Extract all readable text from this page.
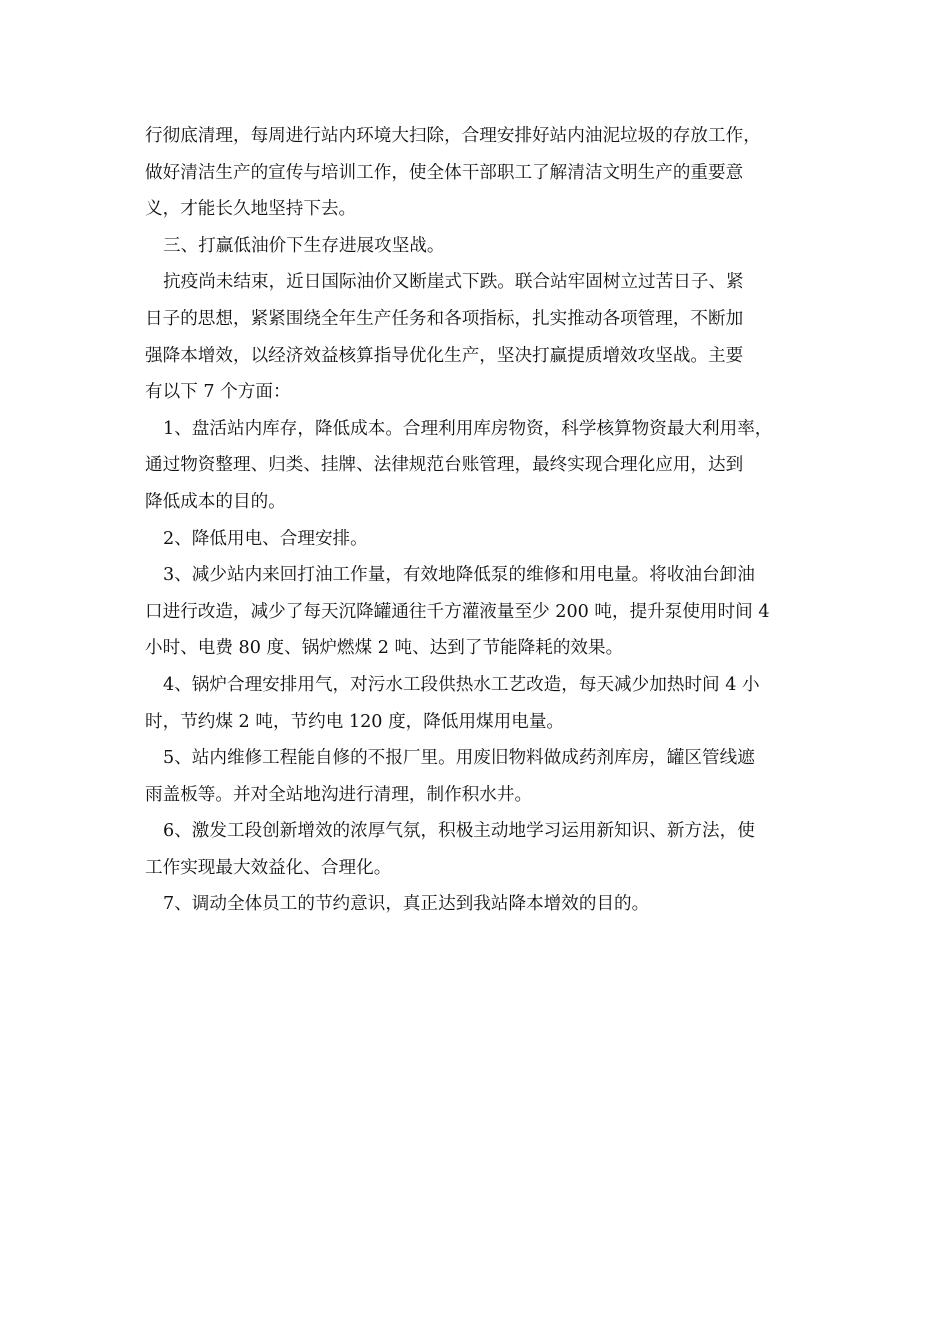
行彻底清理，每周进行站内环境大扫除，合理安排好站内油泥垃圾的存放工作，
做好清洁生产的宣传与培训工作，使全体干部职工了解清洁文明生产的重要意
义，才能长久地坚持下去。
三、打赢低油价下生存进展攻坚战。
抗疫尚未结束，近日国际油价又断崖式下跌。联合站牢固树立过苦日子、紧
日子的思想，紧紧围绕全年生产任务和各项指标，扎实推动各项管理，不断加
强降本增效，以经济效益核算指导优化生产，坚决打赢提质增效攻坚战。主要
有以下 7 个方面：
1、盘活站内库存，降低成本。合理利用库房物资，科学核算物资最大利用率，
通过物资整理、归类、挂牌、法律规范台账管理，最终实现合理化应用，达到
降低成本的目的。
2、降低用电、合理安排。
3、减少站内来回打油工作量，有效地降低泵的维修和用电量。将收油台卸油
口进行改造，减少了每天沉降罐通往千方灌液量至少 200 吨，提升泵使用时间 4
小时、电费 80 度、锅炉燃煤 2 吨、达到了节能降耗的效果。
4、锅炉合理安排用气，对污水工段供热水工艺改造，每天减少加热时间 4 小
时，节约煤 2 吨，节约电 120 度，降低用煤用电量。
5、站内维修工程能自修的不报厂里。用废旧物料做成药剂库房，罐区管线遮
雨盖板等。并对全站地沟进行清理，制作积水井。
6、激发工段创新增效的浓厚气氛，积极主动地学习运用新知识、新方法，使
工作实现最大效益化、合理化。
7、调动全体员工的节约意识，真正达到我站降本增效的目的。
